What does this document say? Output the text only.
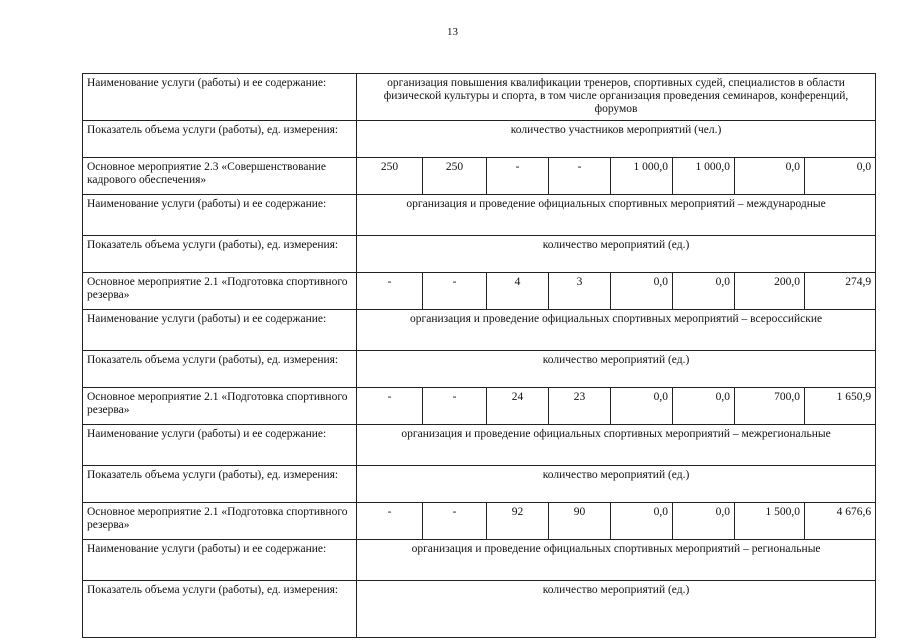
13
Наименование услуги (работы) и ее содержание:	организация повышения квалификации тренеров, спортивных судей, специалистов в области физической культуры и спорта, в том числе организация проведения семинаров, конференций, форумов							
Показатель объема услуги (работы), ед. измерения:	количество участников мероприятий (чел.)							
Основное мероприятие 2.3 «Совершенствование кадрового обеспечения»	250	250	-	-	1 000,0	1 000,0	0,0	0,0
Наименование услуги (работы) и ее содержание:	организация и проведение официальных спортивных мероприятий – международные							
Показатель объема услуги (работы), ед. измерения:	количество мероприятий (ед.)							
Основное мероприятие 2.1 «Подготовка спортивного резерва»	-	-	4	3	0,0	0,0	200,0	274,9
Наименование услуги (работы) и ее содержание:	организация и проведение официальных спортивных мероприятий – всероссийские							
Показатель объема услуги (работы), ед. измерения:	количество мероприятий (ед.)							
Основное мероприятие 2.1 «Подготовка спортивного резерва»	-	-	24	23	0,0	0,0	700,0	1 650,9
Наименование услуги (работы) и ее содержание:	организация и проведение официальных спортивных мероприятий – межрегиональные							
Показатель объема услуги (работы), ед. измерения:	количество мероприятий (ед.)							
Основное мероприятие 2.1 «Подготовка спортивного резерва»	-	-	92	90	0,0	0,0	1 500,0	4 676,6
Наименование услуги (работы) и ее содержание:	организация и проведение официальных спортивных мероприятий – региональные							
Показатель объема услуги (работы), ед. измерения:	количество мероприятий (ед.)							
